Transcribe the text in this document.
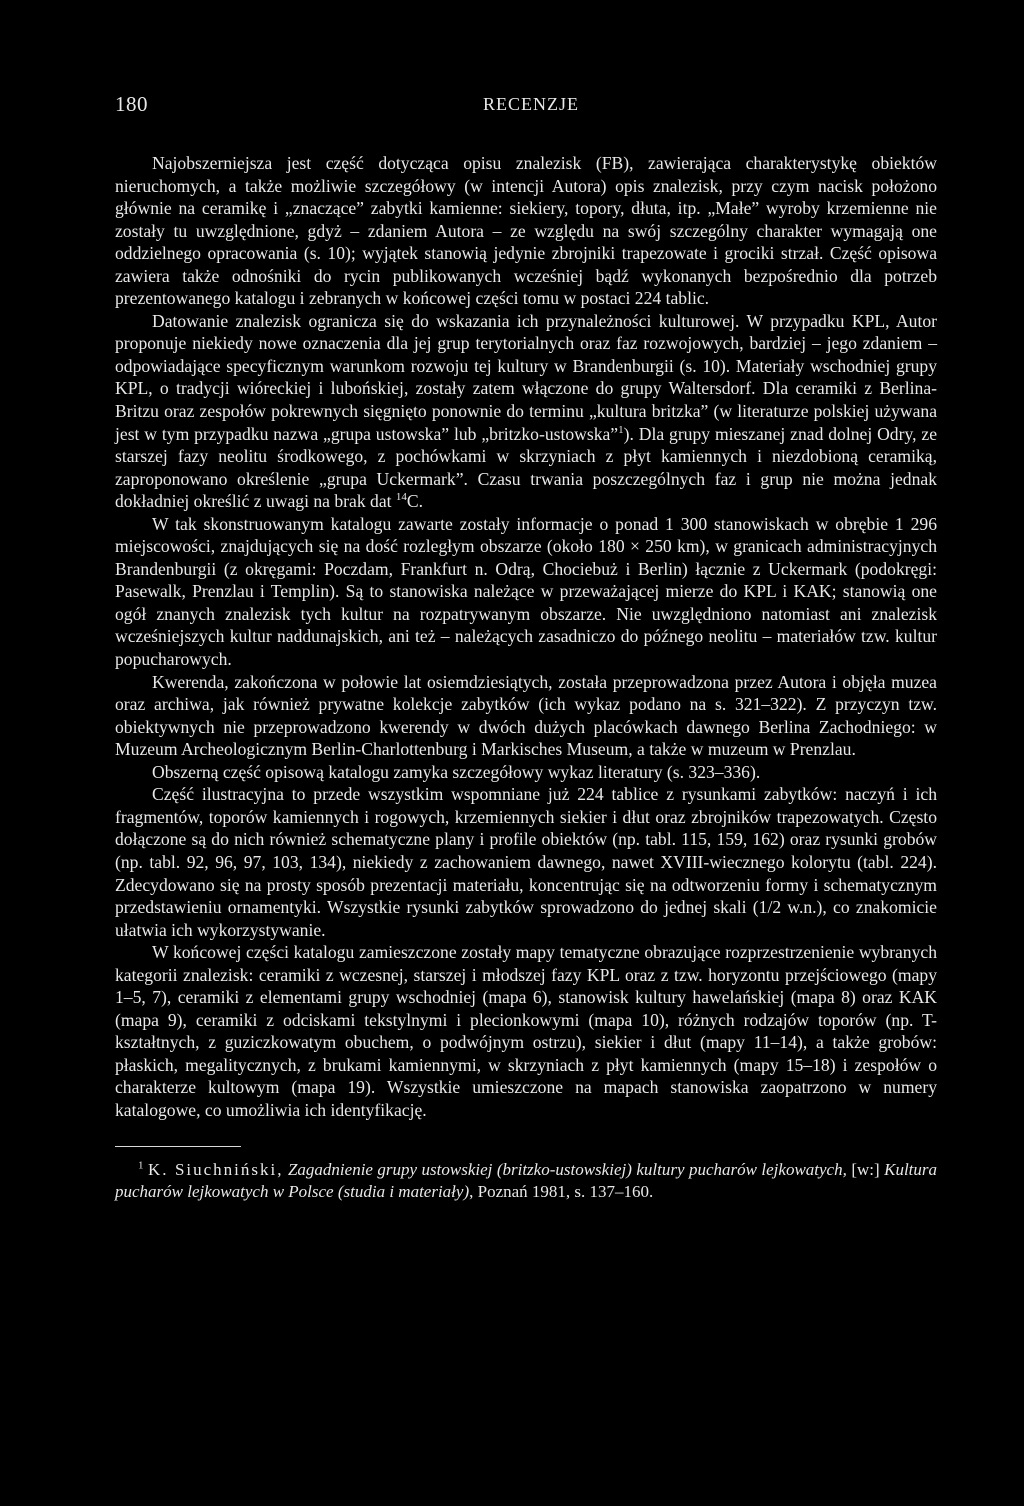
180	RECENZJE

Najobszerniejsza jest część dotycząca opisu znalezisk (FB), zawierająca charakterystykę obiektów nieruchomych, a także możliwie szczegółowy (w intencji Autora) opis znalezisk, przy czym nacisk położono głównie na ceramikę i „znaczące” zabytki kamienne: siekiery, topory, dłuta, itp. „Małe” wyroby krzemienne nie zostały tu uwzględnione, gdyż – zdaniem Autora – ze względu na swój szczególny charakter wymagają one oddzielnego opracowania (s. 10); wyjątek stanowią jedynie zbrojniki trapezowate i grociki strzał. Część opisowa zawiera także odnośniki do rycin publikowanych wcześniej bądź wykonanych bezpośrednio dla potrzeb prezentowanego katalogu i zebranych w końcowej części tomu w postaci 224 tablic.

Datowanie znalezisk ogranicza się do wskazania ich przynależności kulturowej. W przypadku KPL, Autor proponuje niekiedy nowe oznaczenia dla jej grup terytorialnych oraz faz rozwojowych, bardziej – jego zdaniem – odpowiadające specyficznym warunkom rozwoju tej kultury w Brandenburgii (s. 10). Materiały wschodniej grupy KPL, o tradycji wióreckiej i lubońskiej, zostały zatem włączone do grupy Waltersdorf. Dla ceramiki z Berlina-Britzu oraz zespołów pokrewnych sięgnięto ponownie do terminu „kultura britzka” (w literaturze polskiej używana jest w tym przypadku nazwa „grupa ustowska” lub „britzko-ustowska”$^1$). Dla grupy mieszanej znad dolnej Odry, ze starszej fazy neolitu środkowego, z pochówkami w skrzyniach z płyt kamiennych i niezdobioną ceramiką, zaproponowano określenie „grupa Uckermark”. Czasu trwania poszczególnych faz i grup nie można jednak dokładniej określić z uwagi na brak dat $^{14}$C.

W tak skonstruowanym katalogu zawarte zostały informacje o ponad 1 300 stanowiskach w obrębie 1 296 miejscowości, znajdujących się na dość rozległym obszarze (około 180 × 250 km), w granicach administracyjnych Brandenburgii (z okręgami: Poczdam, Frankfurt n. Odrą, Chociebuż i Berlin) łącznie z Uckermark (podokręgi: Pasewalk, Prenzlau i Templin). Są to stanowiska należące w przeważającej mierze do KPL i KAK; stanowią one ogół znanych znalezisk tych kultur na rozpatrywanym obszarze. Nie uwzględniono natomiast ani znalezisk wcześniejszych kultur naddunajskich, ani też – należących zasadniczo do późnego neolitu – materiałów tzw. kultur popucharowych.

Kwerenda, zakończona w połowie lat osiemdziesiątych, została przeprowadzona przez Autora i objęła muzea oraz archiwa, jak również prywatne kolekcje zabytków (ich wykaz podano na s. 321–322). Z przyczyn tzw. obiektywnych nie przeprowadzono kwerendy w dwóch dużych placówkach dawnego Berlina Zachodniego: w Muzeum Archeologicznym Berlin-Charlottenburg i Markisches Museum, a także w muzeum w Prenzlau.

Obszerną część opisową katalogu zamyka szczegółowy wykaz literatury (s. 323–336).

Część ilustracyjna to przede wszystkim wspomniane już 224 tablice z rysunkami zabytków: naczyń i ich fragmentów, toporów kamiennych i rogowych, krzemiennych siekier i dłut oraz zbrojników trapezowatych. Często dołączone są do nich również schematyczne plany i profile obiektów (np. tabl. 115, 159, 162) oraz rysunki grobów (np. tabl. 92, 96, 97, 103, 134), niekiedy z zachowaniem dawnego, nawet XVIII-wiecznego kolorytu (tabl. 224). Zdecydowano się na prosty sposób prezentacji materiału, koncentrując się na odtworzeniu formy i schematycznym przedstawieniu ornamentyki. Wszystkie rysunki zabytków sprowadzono do jednej skali (1/2 w.n.), co znakomicie ułatwia ich wykorzystywanie.

W końcowej części katalogu zamieszczone zostały mapy tematyczne obrazujące rozprzestrzenienie wybranych kategorii znalezisk: ceramiki z wczesnej, starszej i młodszej fazy KPL oraz z tzw. horyzontu przejściowego (mapy 1–5, 7), ceramiki z elementami grupy wschodniej (mapa 6), stanowisk kultury hawelańskiej (mapa 8) oraz KAK (mapa 9), ceramiki z odciskami tekstylnymi i plecionkowymi (mapa 10), różnych rodzajów toporów (np. T-kształtnych, z guziczkowatym obuchem, o podwójnym ostrzu), siekier i dłut (mapy 11–14), a także grobów: płaskich, megalitycznych, z brukami kamiennymi, w skrzyniach z płyt kamiennych (mapy 15–18) i zespołów o charakterze kultowym (mapa 19). Wszystkie umieszczone na mapach stanowiska zaopatrzono w numery katalogowe, co umożliwia ich identyfikację.

$^1$ K. Siuchniński, Zagadnienie grupy ustowskiej (britzko-ustowskiej) kultury pucharów lejkowatych, [w:] Kultura pucharów lejkowatych w Polsce (studia i materiały), Poznań 1981, s. 137–160.
